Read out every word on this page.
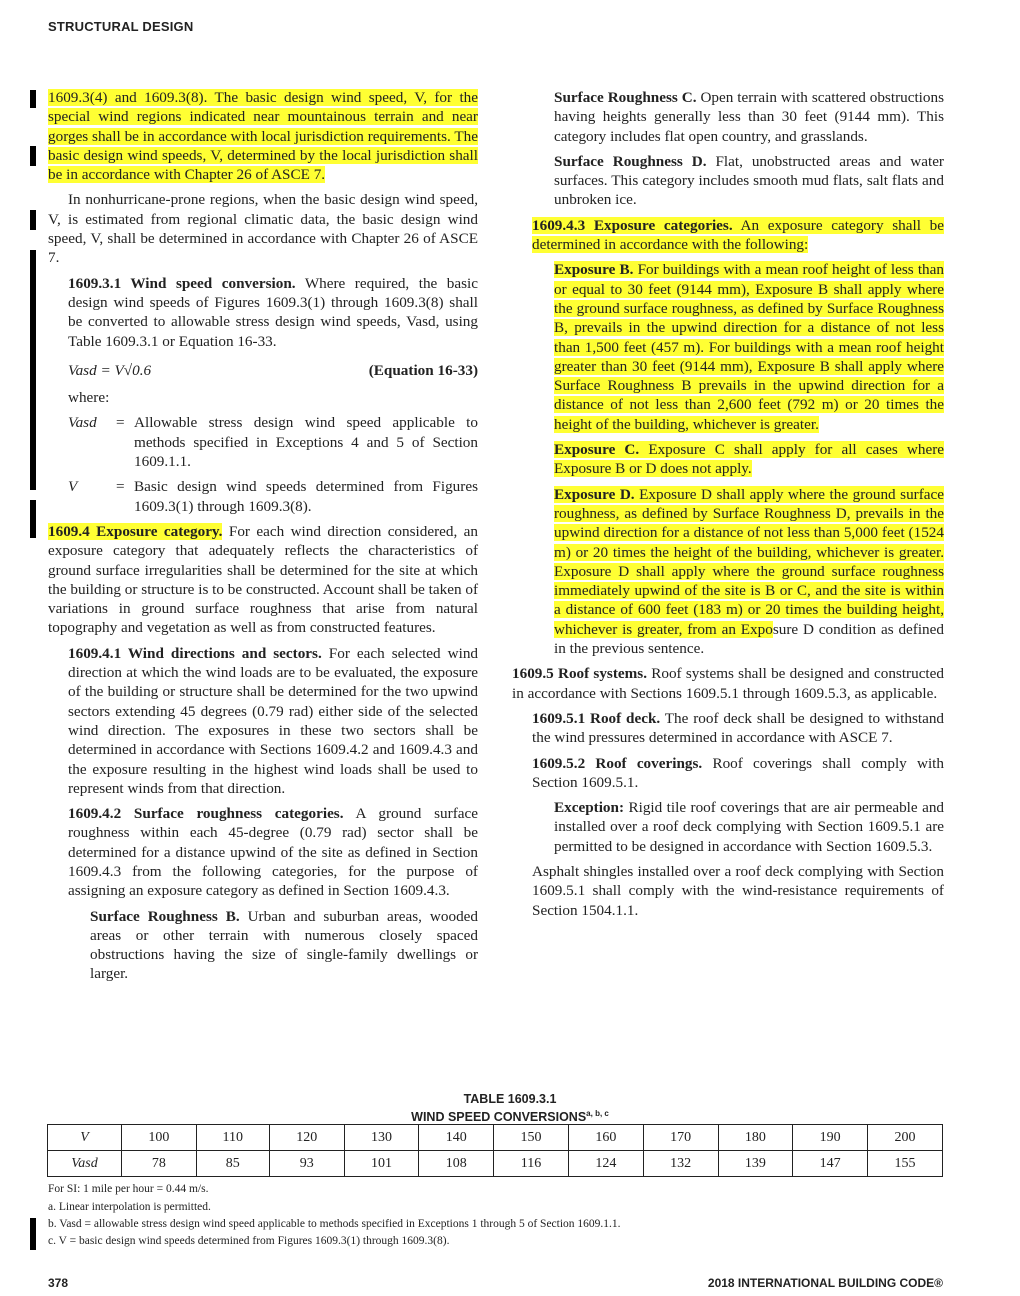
STRUCTURAL DESIGN

1609.3(4) and 1609.3(8). The basic design wind speed, V, for the special wind regions indicated near mountainous terrain and near gorges shall be in accordance with local jurisdiction requirements. The basic design wind speeds, V, determined by the local jurisdiction shall be in accordance with Chapter 26 of ASCE 7.

In nonhurricane-prone regions, when the basic design wind speed, V, is estimated from regional climatic data, the basic design wind speed, V, shall be determined in accordance with Chapter 26 of ASCE 7.

1609.3.1 Wind speed conversion. Where required, the basic design wind speeds of Figures 1609.3(1) through 1609.3(8) shall be converted to allowable stress design wind speeds, Vasd, using Table 1609.3.1 or Equation 16-33.

Vasd = V√0.6	(Equation 16-33)

where:

Vasd	= Allowable stress design wind speed applicable to methods specified in Exceptions 4 and 5 of Section 1609.1.1.
V	= Basic design wind speeds determined from Figures 1609.3(1) through 1609.3(8).

1609.4 Exposure category. For each wind direction considered, an exposure category that adequately reflects the characteristics of ground surface irregularities shall be determined for the site at which the building or structure is to be constructed. Account shall be taken of variations in ground surface roughness that arise from natural topography and vegetation as well as from constructed features.

1609.4.1 Wind directions and sectors. For each selected wind direction at which the wind loads are to be evaluated, the exposure of the building or structure shall be determined for the two upwind sectors extending 45 degrees (0.79 rad) either side of the selected wind direction. The exposures in these two sectors shall be determined in accordance with Sections 1609.4.2 and 1609.4.3 and the exposure resulting in the highest wind loads shall be used to represent winds from that direction.

1609.4.2 Surface roughness categories. A ground surface roughness within each 45-degree (0.79 rad) sector shall be determined for a distance upwind of the site as defined in Section 1609.4.3 from the following categories, for the purpose of assigning an exposure category as defined in Section 1609.4.3.

Surface Roughness B. Urban and suburban areas, wooded areas or other terrain with numerous closely spaced obstructions having the size of single-family dwellings or larger.

Surface Roughness C. Open terrain with scattered obstructions having heights generally less than 30 feet (9144 mm). This category includes flat open country, and grasslands.

Surface Roughness D. Flat, unobstructed areas and water surfaces. This category includes smooth mud flats, salt flats and unbroken ice.

1609.4.3 Exposure categories. An exposure category shall be determined in accordance with the following:

Exposure B. For buildings with a mean roof height of less than or equal to 30 feet (9144 mm), Exposure B shall apply where the ground surface roughness, as defined by Surface Roughness B, prevails in the upwind direction for a distance of not less than 1,500 feet (457 m). For buildings with a mean roof height greater than 30 feet (9144 mm), Exposure B shall apply where Surface Roughness B prevails in the upwind direction for a distance of not less than 2,600 feet (792 m) or 20 times the height of the building, whichever is greater.

Exposure C. Exposure C shall apply for all cases where Exposure B or D does not apply.

Exposure D. Exposure D shall apply where the ground surface roughness, as defined by Surface Roughness D, prevails in the upwind direction for a distance of not less than 5,000 feet (1524 m) or 20 times the height of the building, whichever is greater. Exposure D shall apply where the ground surface roughness immediately upwind of the site is B or C, and the site is within a distance of 600 feet (183 m) or 20 times the building height, whichever is greater, from an Exposure D condition as defined in the previous sentence.

1609.5 Roof systems. Roof systems shall be designed and constructed in accordance with Sections 1609.5.1 through 1609.5.3, as applicable.

1609.5.1 Roof deck. The roof deck shall be designed to withstand the wind pressures determined in accordance with ASCE 7.

1609.5.2 Roof coverings. Roof coverings shall comply with Section 1609.5.1.

Exception: Rigid tile roof coverings that are air permeable and installed over a roof deck complying with Section 1609.5.1 are permitted to be designed in accordance with Section 1609.5.3.

Asphalt shingles installed over a roof deck complying with Section 1609.5.1 shall comply with the wind-resistance requirements of Section 1504.1.1.

TABLE 1609.3.1
WIND SPEED CONVERSIONS$^{a, b, c}$
V	100	110	120	130	140	150	160	170	180	190	200
Vasd	78	85	93	101	108	116	124	132	139	147	155
For SI: 1 mile per hour = 0.44 m/s.
a. Linear interpolation is permitted.
b. Vasd = allowable stress design wind speed applicable to methods specified in Exceptions 1 through 5 of Section 1609.1.1.
c. V = basic design wind speeds determined from Figures 1609.3(1) through 1609.3(8).
378	2018 INTERNATIONAL BUILDING CODE®
